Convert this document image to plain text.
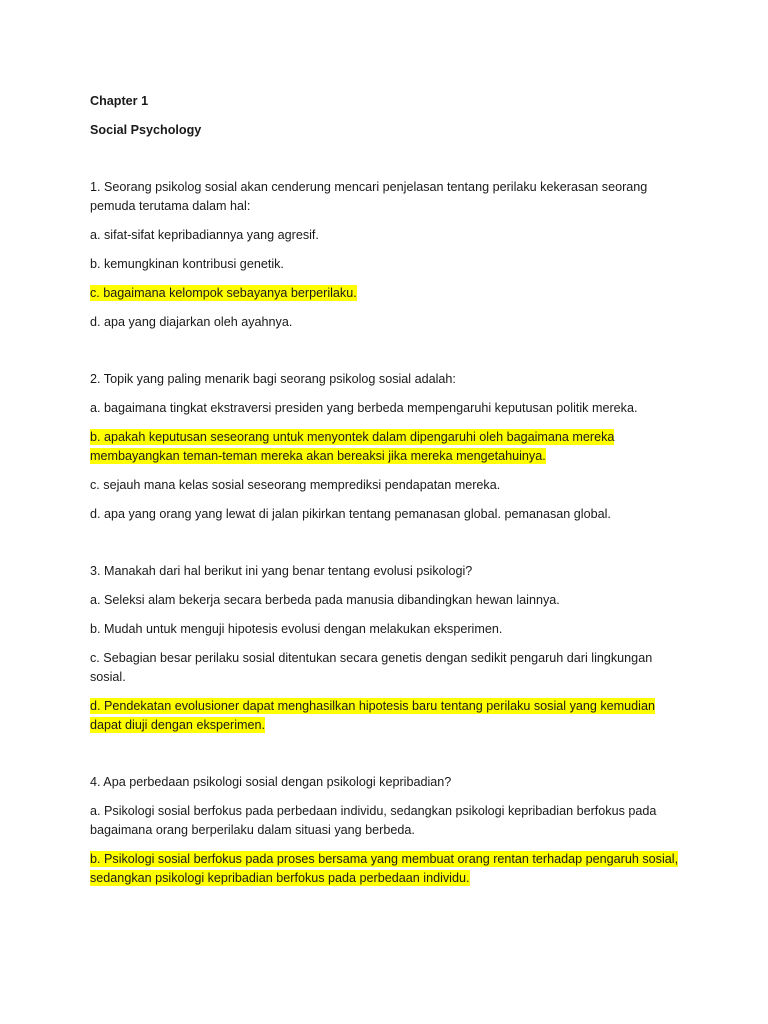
Chapter 1

Social Psychology

1. Seorang psikolog sosial akan cenderung mencari penjelasan tentang perilaku kekerasan seorang pemuda terutama dalam hal:

a. sifat-sifat kepribadiannya yang agresif.

b. kemungkinan kontribusi genetik.

c. bagaimana kelompok sebayanya berperilaku.

d. apa yang diajarkan oleh ayahnya.

2. Topik yang paling menarik bagi seorang psikolog sosial adalah:

a. bagaimana tingkat ekstraversi presiden yang berbeda mempengaruhi keputusan politik mereka.

b. apakah keputusan seseorang untuk menyontek dalam dipengaruhi oleh bagaimana mereka membayangkan teman-teman mereka akan bereaksi jika mereka mengetahuinya.

c. sejauh mana kelas sosial seseorang memprediksi pendapatan mereka.

d. apa yang orang yang lewat di jalan pikirkan tentang pemanasan global. pemanasan global.

3. Manakah dari hal berikut ini yang benar tentang evolusi psikologi?

a. Seleksi alam bekerja secara berbeda pada manusia dibandingkan hewan lainnya.

b. Mudah untuk menguji hipotesis evolusi dengan melakukan eksperimen.

c. Sebagian besar perilaku sosial ditentukan secara genetis dengan sedikit pengaruh dari lingkungan sosial.

d. Pendekatan evolusioner dapat menghasilkan hipotesis baru tentang perilaku sosial yang kemudian dapat diuji dengan eksperimen.

4. Apa perbedaan psikologi sosial dengan psikologi kepribadian?

a. Psikologi sosial berfokus pada perbedaan individu, sedangkan psikologi kepribadian berfokus pada bagaimana orang berperilaku dalam situasi yang berbeda.

b. Psikologi sosial berfokus pada proses bersama yang membuat orang rentan terhadap pengaruh sosial, sedangkan psikologi kepribadian berfokus pada perbedaan individu.
